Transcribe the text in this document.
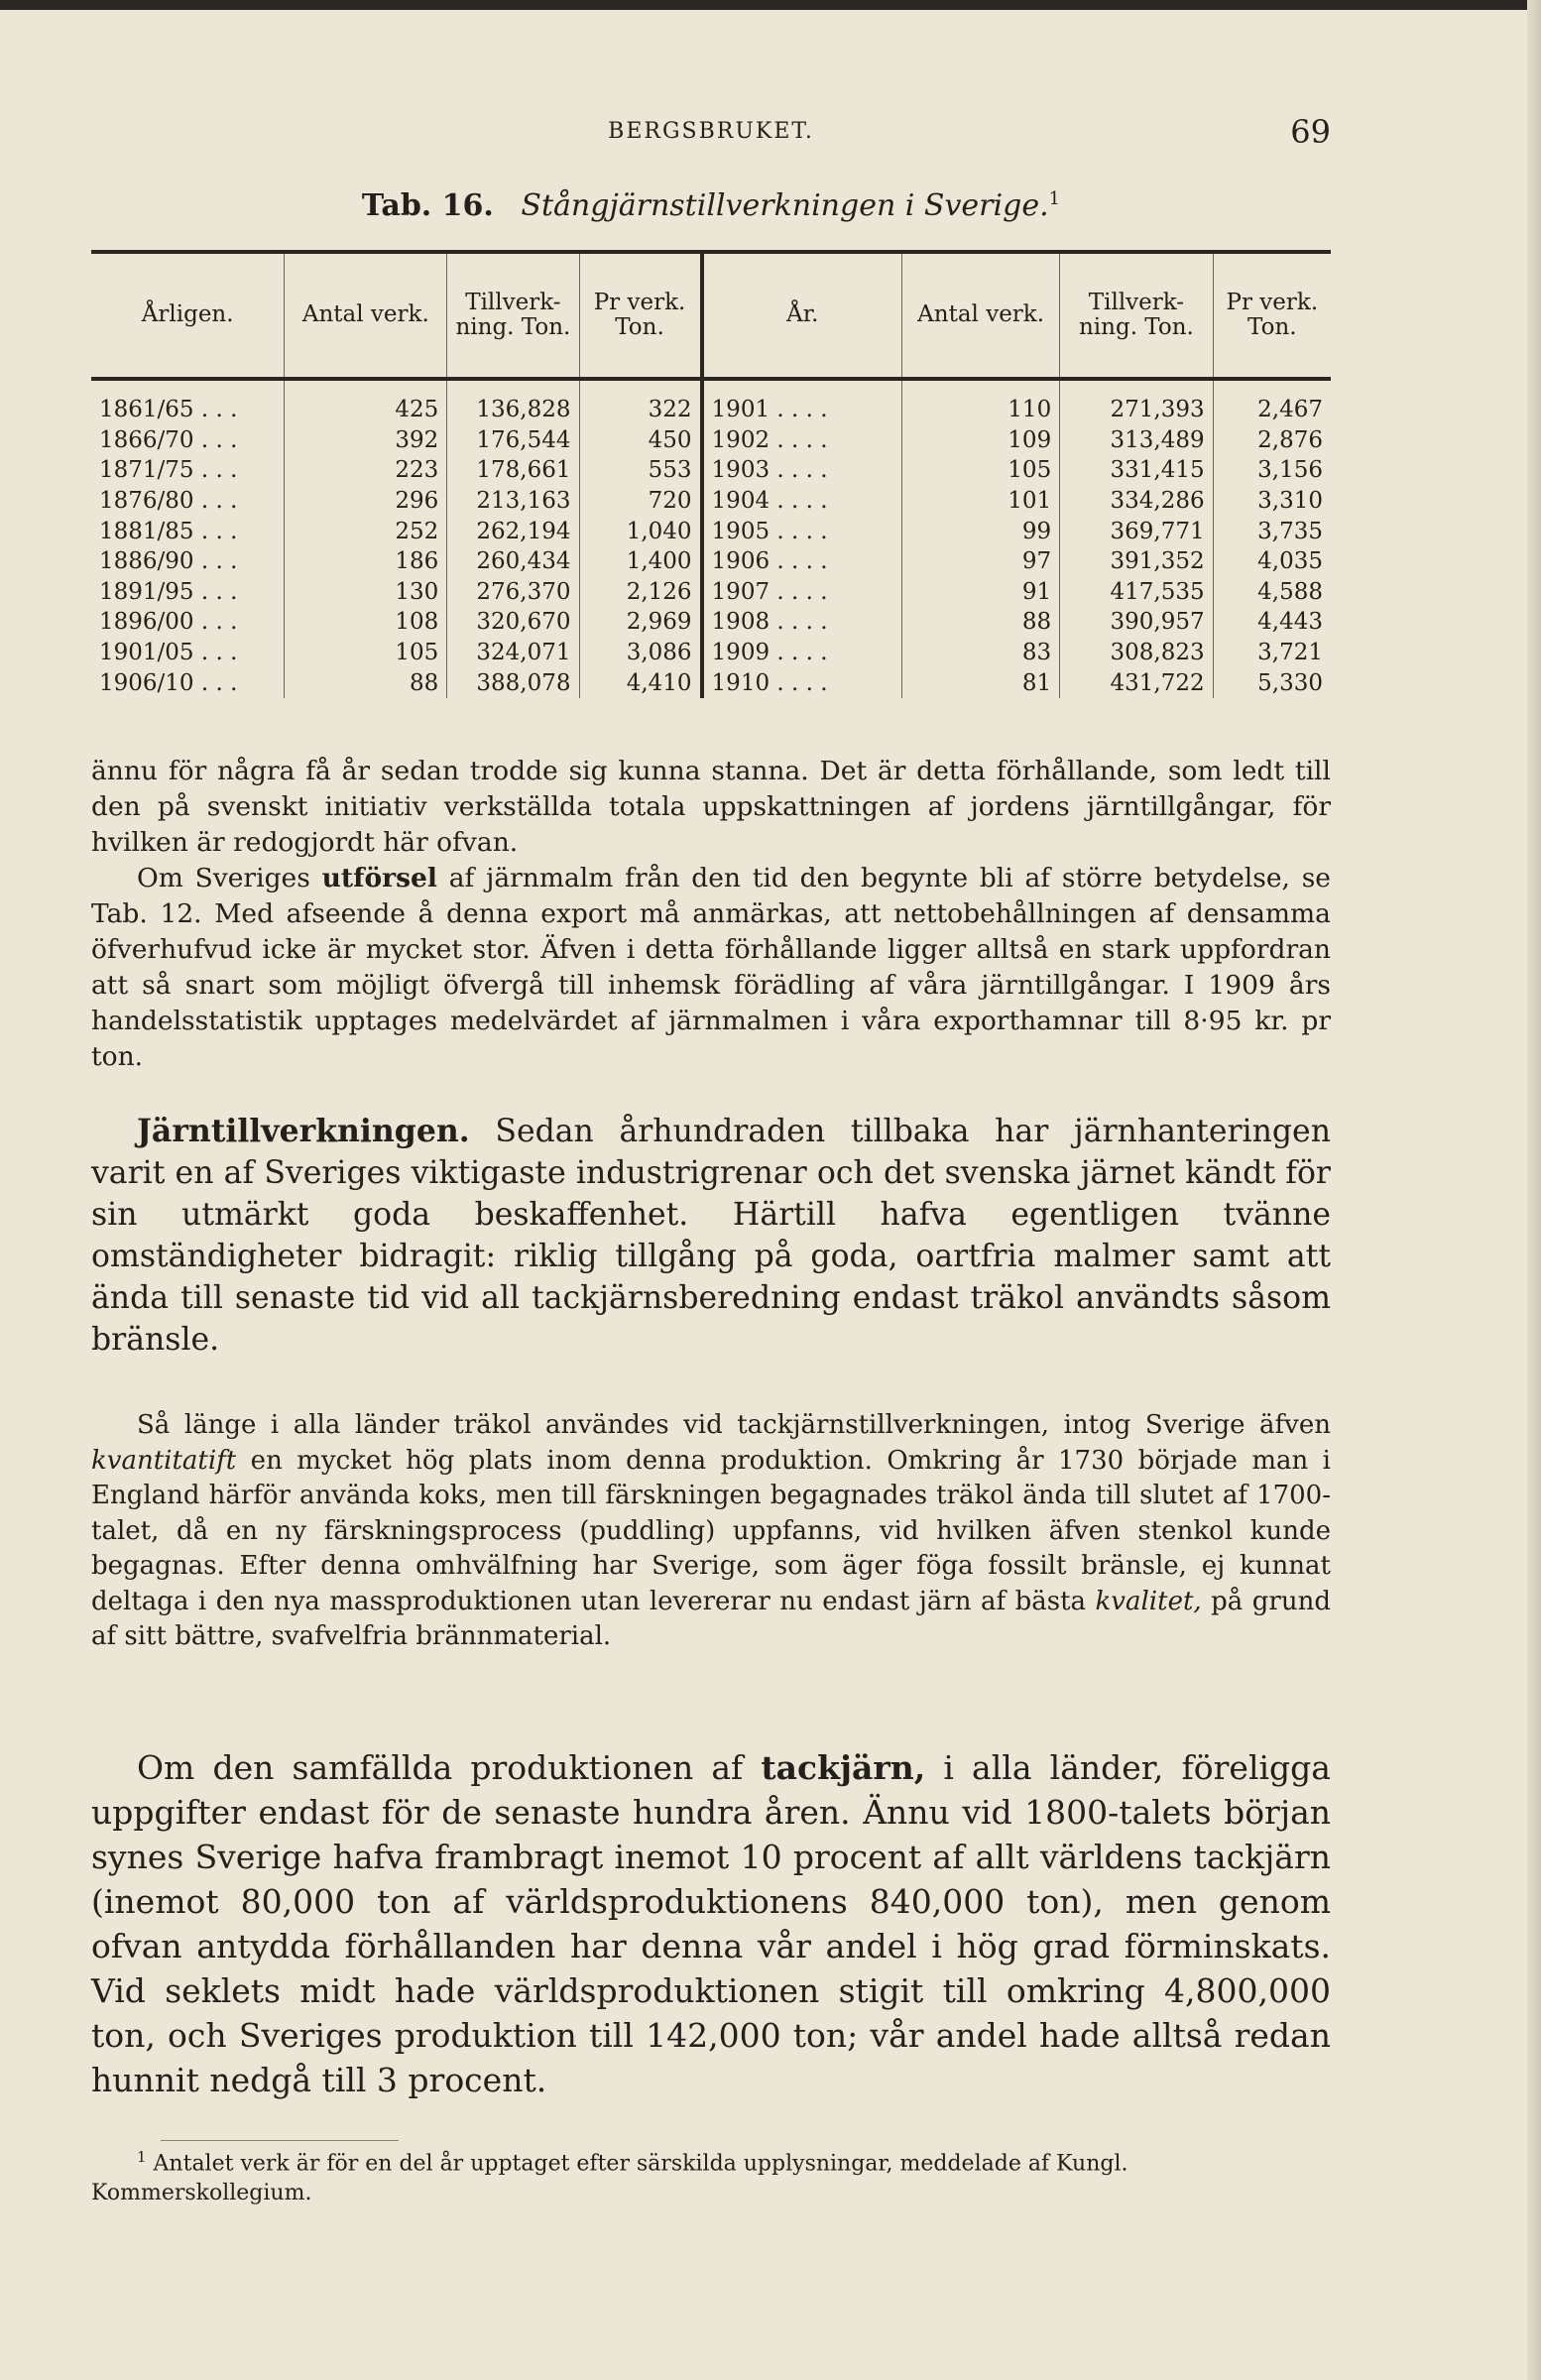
BERGSBRUKET.	69
Tab. 16. Stångjärnstillverkningen i Sverige.$^1$
Årligen.	Antal verk.	Tillverk-ning. Ton.	Pr verk. Ton.	År.	Antal verk.	Tillverk-ning. Ton.	Pr verk. Ton.
1861/65 . . .	425	136,828	322	1901 . . . .	110	271,393	2,467
1866/70 . . .	392	176,544	450	1902 . . . .	109	313,489	2,876
1871/75 . . .	223	178,661	553	1903 . . . .	105	331,415	3,156
1876/80 . . .	296	213,163	720	1904 . . . .	101	334,286	3,310
1881/85 . . .	252	262,194	1,040	1905 . . . .	99	369,771	3,735
1886/90 . . .	186	260,434	1,400	1906 . . . .	97	391,352	4,035
1891/95 . . .	130	276,370	2,126	1907 . . . .	91	417,535	4,588
1896/00 . . .	108	320,670	2,969	1908 . . . .	88	390,957	4,443
1901/05 . . .	105	324,071	3,086	1909 . . . .	83	308,823	3,721
1906/10 . . .	88	388,078	4,410	1910 . . . .	81	431,722	5,330
ännu för några få år sedan trodde sig kunna stanna. Det är detta förhållande, som ledt till den på svenskt initiativ verkställda totala uppskattningen af jordens järntillgångar, för hvilken är redogjordt här ofvan.
Om Sveriges utförsel af järnmalm från den tid den begynte bli af större betydelse, se Tab. 12. Med afseende å denna export må anmärkas, att nettobehållningen af densamma öfverhufvud icke är mycket stor. Äfven i detta förhållande ligger alltså en stark uppfordran att så snart som möjligt öfvergå till inhemsk förädling af våra järntillgångar. I 1909 års handelsstatistik upptages medelvärdet af järnmalmen i våra exporthamnar till 8·95 kr. pr ton.
Järntillverkningen. Sedan århundraden tillbaka har järnhanteringen varit en af Sveriges viktigaste industrigrenar och det svenska järnet kändt för sin utmärkt goda beskaffenhet. Härtill hafva egentligen tvänne omständigheter bidragit: riklig tillgång på goda, oartfria malmer samt att ända till senaste tid vid all tackjärnsberedning endast träkol användts såsom bränsle.
Så länge i alla länder träkol användes vid tackjärnstillverkningen, intog Sverige äfven kvantitatift en mycket hög plats inom denna produktion. Omkring år 1730 började man i England härför använda koks, men till färskningen begagnades träkol ända till slutet af 1700-talet, då en ny färskningsprocess (puddling) uppfanns, vid hvilken äfven stenkol kunde begagnas. Efter denna omhvälfning har Sverige, som äger föga fossilt bränsle, ej kunnat deltaga i den nya massproduktionen utan levererar nu endast järn af bästa kvalitet, på grund af sitt bättre, svafvelfria brännmaterial.
Om den samfällda produktionen af tackjärn, i alla länder, föreligga uppgifter endast för de senaste hundra åren. Ännu vid 1800-talets början synes Sverige hafva frambragt inemot 10 procent af allt världens tackjärn (inemot 80,000 ton af världsproduktionens 840,000 ton), men genom ofvan antydda förhållanden har denna vår andel i hög grad förminskats. Vid seklets midt hade världsproduktionen stigit till omkring 4,800,000 ton, och Sveriges produktion till 142,000 ton; vår andel hade alltså redan hunnit nedgå till 3 procent.
$^1$ Antalet verk är för en del år upptaget efter särskilda upplysningar, meddelade af Kungl. Kommerskollegium.
